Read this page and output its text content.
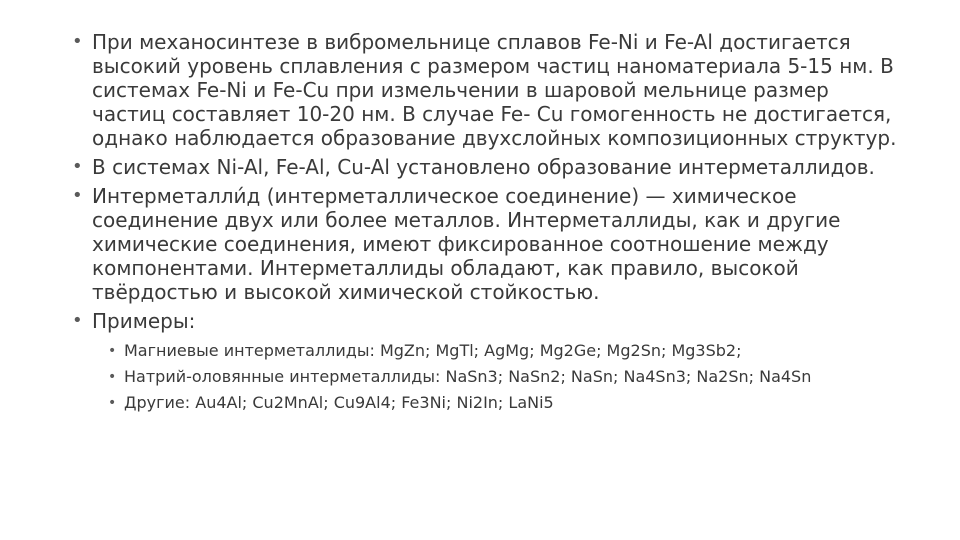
• При механосинтезе в вибромельнице сплавов Fe-Ni и Fe-Al достигается высокий уровень сплавления с размером частиц наноматериала 5-15 нм. В системах Fe-Ni и Fe-Cu при измельчении в шаровой мельнице размер частиц составляет 10-20 нм. В случае Fe- Cu гомогенность не достигается, однако наблюдается образование двухслойных композиционных структур.
• В системах Ni-Al, Fe-Al, Cu-Al установлено образование интерметаллидов.
• Интерметалли́д (интерметаллическое соединение) — химическое соединение двух или более металлов. Интерметаллиды, как и другие химические соединения, имеют фиксированное соотношение между компонентами. Интерметаллиды обладают, как правило, высокой твёрдостью и высокой химической стойкостью.
• Примеры:
• Магниевые интерметаллиды: MgZn; MgTl; AgMg; Mg2Ge; Mg2Sn; Mg3Sb2;
• Натрий-оловянные интерметаллиды: NaSn3; NaSn2; NaSn; Na4Sn3; Na2Sn; Na4Sn
• Другие: Au4Al; Cu2MnAl; Cu9Al4; Fe3Ni; Ni2In; LaNi5
